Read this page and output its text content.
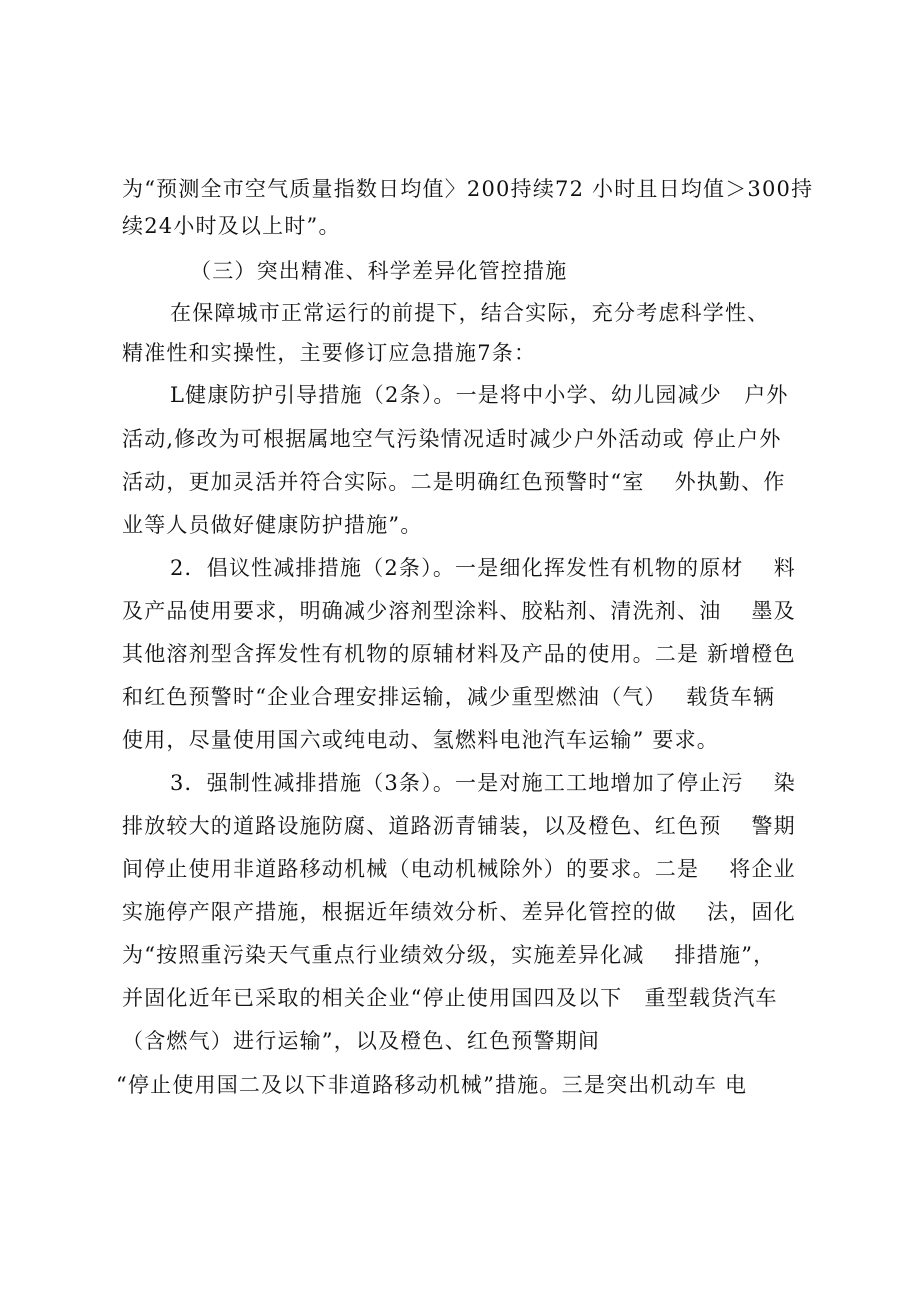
为“预测全市空气质量指数日均值〉200持续72 小时且日均值＞300持

续24小时及以上时”。

（三）突出精准、科学差异化管控措施

在保障城市正常运行的前提下，结合实际，充分考虑科学性、

精准性和实操性，主要修订应急措施7条：

L健康防护引导措施（2条）。一是将中小学、幼儿园减少　户外

活动,修改为可根据属地空气污染情况适时减少户外活动或 停止户外

活动，更加灵活并符合实际。二是明确红色预警时“室　 外执勤、作

业等人员做好健康防护措施”。

2．倡议性减排措施（2条）。一是细化挥发性有机物的原材　 料

及产品使用要求，明确减少溶剂型涂料、胶粘剂、清洗剂、油　 墨及

其他溶剂型含挥发性有机物的原辅材料及产品的使用。二是 新增橙色

和红色预警时“企业合理安排运输，减少重型燃油（气）　 载货车辆

使用，尽量使用国六或纯电动、氢燃料电池汽车运输” 要求。

3．强制性减排措施（3条）。一是对施工工地增加了停止污　 染

排放较大的道路设施防腐、道路沥青铺装，以及橙色、红色预　 警期

间停止使用非道路移动机械（电动机械除外）的要求。二是　 将企业

实施停产限产措施，根据近年绩效分析、差异化管控的做　 法，固化

为“按照重污染天气重点行业绩效分级，实施差异化减　 排措施”，

并固化近年已采取的相关企业“停止使用国四及以下　重型载货汽车

（含燃气）进行运输”，以及橙色、红色预警期间

“停止使用国二及以下非道路移动机械”措施。三是突出机动车 电
